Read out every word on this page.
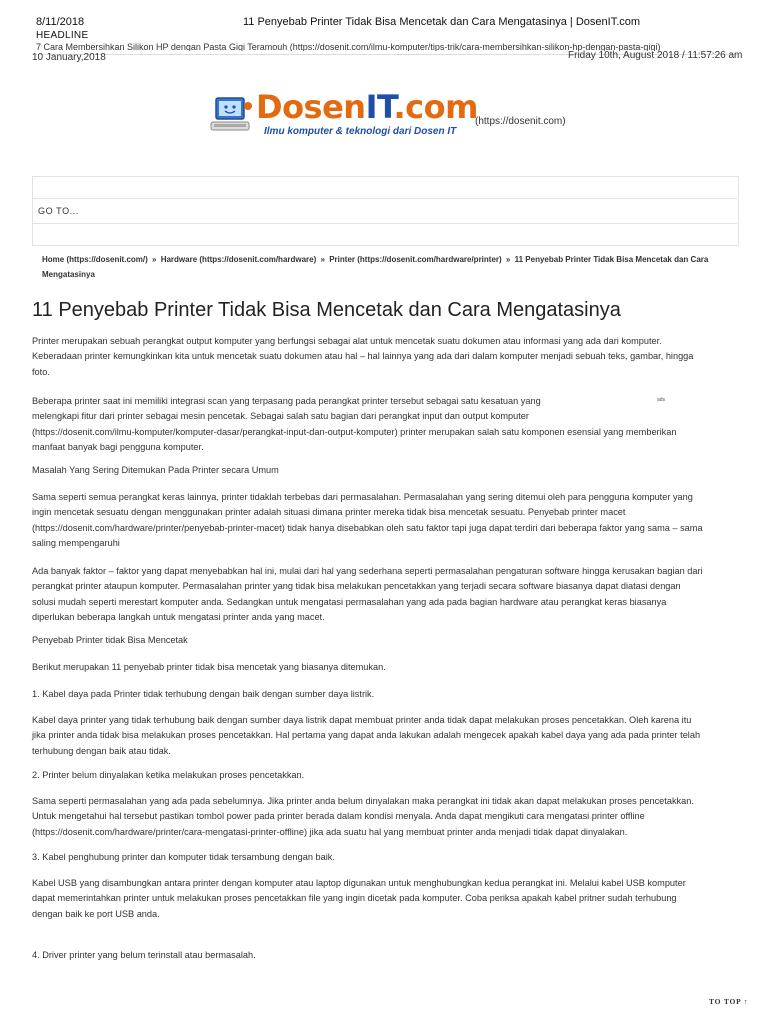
8/11/2018	11 Penyebab Printer Tidak Bisa Mencetak dan Cara Mengatasinya | DosenIT.com
HEADLINE
7 Cara Membersihkan Silikon HP dengan Pasta Gigi Teramouh (https://dosenit.com/ilmu-komputer/tips-trik/cara-membersihkan-silikon-hp-dengan-pasta-gigi)
10 January,2018	Friday 10th, August 2018 / 11:57:26 am
DosenIT.com
Ilmu komputer & teknologi dari Dosen IT
(https://dosenit.com)
GO TO...
Home (https://dosenit.com/) » Hardware (https://dosenit.com/hardware) » Printer (https://dosenit.com/hardware/printer) » 11 Penyebab Printer Tidak Bisa Mencetak dan Cara
Mengatasinya
11 Penyebab Printer Tidak Bisa Mencetak dan Cara Mengatasinya
Printer merupakan sebuah perangkat output komputer yang berfungsi sebagai alat untuk mencetak suatu dokumen atau informasi yang ada dari komputer.
Keberadaan printer kemungkinkan kita untuk mencetak suatu dokumen atau hal – hal lainnya yang ada dari dalam komputer menjadi sebuah teks, gambar, hingga
foto.
Beberapa printer saat ini memiliki integrasi scan yang terpasang pada perangkat printer tersebut sebagai satu kesatuan yang
melengkapi fitur dari printer sebagai mesin pencetak. Sebagai salah satu bagian dari perangkat input dan output komputer
(https://dosenit.com/ilmu-komputer/komputer-dasar/perangkat-input-dan-output-komputer) printer merupakan salah satu komponen esensial yang memberikan
manfaat banyak bagi pengguna komputer.
ads
Masalah Yang Sering Ditemukan Pada Printer secara Umum
Sama seperti semua perangkat keras lainnya, printer tidaklah terbebas dari permasalahan. Permasalahan yang sering ditemui oleh para pengguna komputer yang
ingin mencetak sesuatu dengan menggunakan printer adalah situasi dimana printer mereka tidak bisa mencetak sesuatu. Penyebab printer macet
(https://dosenit.com/hardware/printer/penyebab-printer-macet) tidak hanya disebabkan oleh satu faktor tapi juga dapat terdiri dari beberapa faktor yang sama – sama
saling mempengaruhi
Ada banyak faktor – faktor yang dapat menyebabkan hal ini, mulai dari hal yang sederhana seperti permasalahan pengaturan software hingga kerusakan bagian dari
perangkat printer ataupun komputer. Permasalahan printer yang tidak bisa melakukan pencetakkan yang terjadi secara software biasanya dapat diatasi dengan
solusi mudah seperti merestart komputer anda. Sedangkan untuk mengatasi permasalahan yang ada pada bagian hardware atau perangkat keras biasanya
diperlukan beberapa langkah untuk mengatasi printer anda yang macet.
Penyebab Printer tidak Bisa Mencetak
Berikut merupakan 11 penyebab printer tidak bisa mencetak yang biasanya ditemukan.
1. Kabel daya pada Printer tidak terhubung dengan baik dengan sumber daya listrik.
Kabel daya printer yang tidak terhubung baik dengan sumber daya listrik dapat membuat printer anda tidak dapat melakukan proses pencetakkan. Oleh karena itu
jika printer anda tidak bisa melakukan proses pencetakkan. Hal pertama yang dapat anda lakukan adalah mengecek apakah kabel daya yang ada pada printer telah
terhubung dengan baik atau tidak.
2. Printer belum dinyalakan ketika melakukan proses pencetakkan.
Sama seperti permasalahan yang ada pada sebelumnya. Jika printer anda belum dinyalakan maka perangkat ini tidak akan dapat melakukan proses pencetakkan.
Untuk mengetahui hal tersebut pastikan tombol power pada printer berada dalam kondisi menyala. Anda dapat mengikuti cara mengatasi printer offline
(https://dosenit.com/hardware/printer/cara-mengatasi-printer-offline) jika ada suatu hal yang membuat printer anda menjadi tidak dapat dinyalakan.
3. Kabel penghubung printer dan komputer tidak tersambung dengan baik.
Kabel USB yang disambungkan antara printer dengan komputer atau laptop digunakan untuk menghubungkan kedua perangkat ini. Melalui kabel USB komputer
dapat memerintahkan printer untuk melakukan proses pencetakkan file yang ingin dicetak pada komputer. Coba periksa apakah kabel pritner sudah terhubung
dengan baik ke port USB anda.
4. Driver printer yang belum terinstall atau bermasalah.
TO TOP ↑
